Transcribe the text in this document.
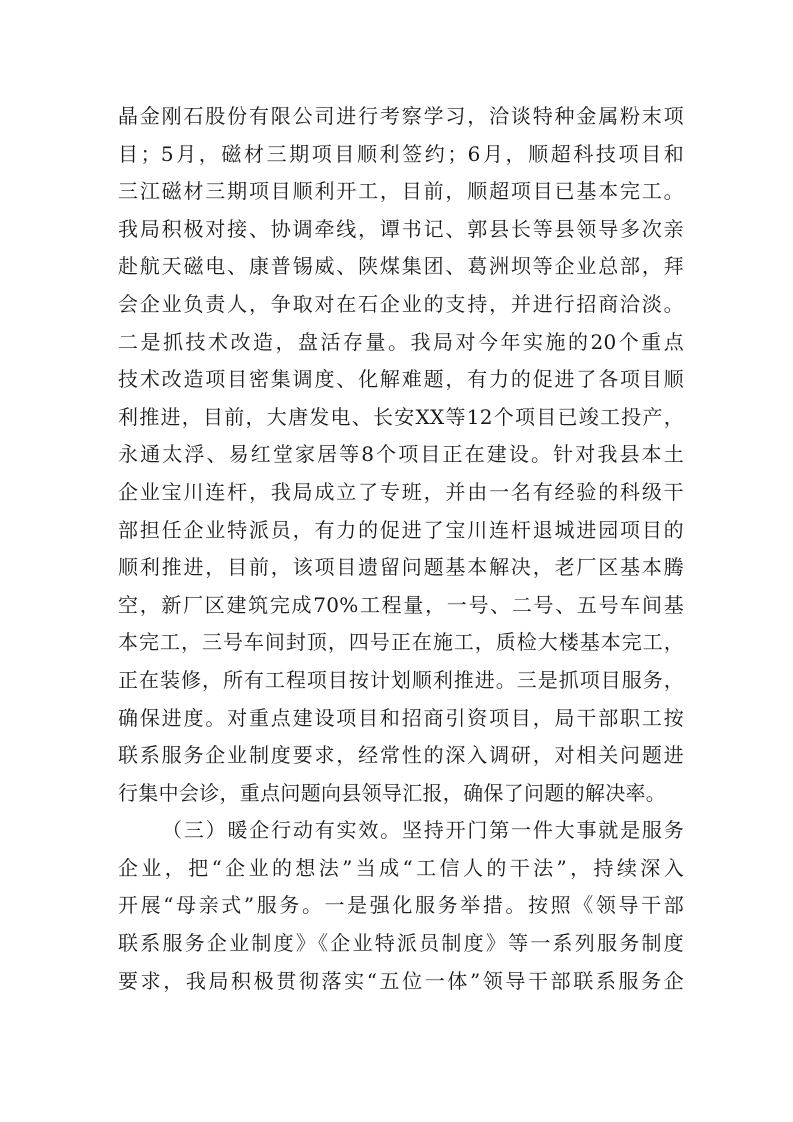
晶金刚石股份有限公司进行考察学习，洽谈特种金属粉末项
目；5月，磁材三期项目顺利签约；6月，顺超科技项目和
三江磁材三期项目顺利开工，目前，顺超项目已基本完工。
我局积极对接、协调牵线，谭书记、郭县长等县领导多次亲
赴航天磁电、康普锡威、陕煤集团、葛洲坝等企业总部，拜
会企业负责人，争取对在石企业的支持，并进行招商洽淡。
二是抓技术改造，盘活存量。我局对今年实施的20个重点
技术改造项目密集调度、化解难题，有力的促进了各项目顺
利推进，目前，大唐发电、长安XX等12个项目已竣工投产，
永通太浮、易红堂家居等8个项目正在建设。针对我县本土
企业宝川连杆，我局成立了专班，并由一名有经验的科级干
部担任企业特派员，有力的促进了宝川连杆退城进园项目的
顺利推进，目前，该项目遗留问题基本解决，老厂区基本腾
空，新厂区建筑完成70%工程量，一号、二号、五号车间基
本完工，三号车间封顶，四号正在施工，质检大楼基本完工，
正在装修，所有工程项目按计划顺利推进。三是抓项目服务，
确保进度。对重点建设项目和招商引资项目，局干部职工按
联系服务企业制度要求，经常性的深入调研，对相关问题进
行集中会诊，重点问题向县领导汇报，确保了问题的解决率。
（三）暖企行动有实效。坚持开门第一件大事就是服务
企业，把“企业的想法”当成“工信人的干法”，持续深入
开展“母亲式”服务。一是强化服务举措。按照《领导干部
联系服务企业制度》《企业特派员制度》等一系列服务制度
要求，我局积极贯彻落实“五位一体”领导干部联系服务企
